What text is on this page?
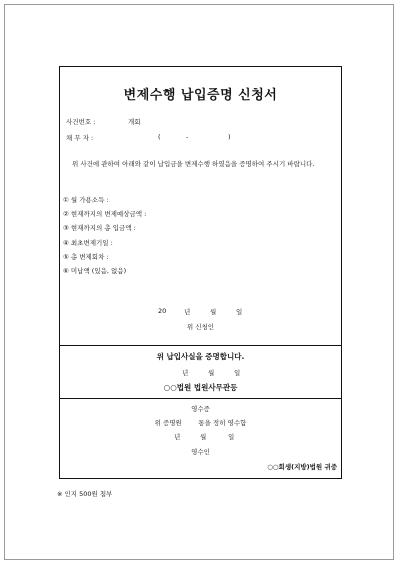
변제수행 납입증명 신청서
사건번호 :	개회
채 무 자 :	(	-	)
위 사건에 관하여 아래와 같이 납입금을 변제수행 하였음을 증명하여 주시기 바랍니다.
① 월 가용소득 :
② 현재까지의 변제예상금액 :
③ 현재까지의 총 입금액 :
④ 최초변제기일 :
⑤ 총 변제회차 :
⑥ 미납액 (있음, 없음)
20	년	월	일
위 신청인
위 납입사실을 증명합니다.
년	월	일
○○법원 법원사무관등
영수증
위 증명원        통을 정히 영수함
년	월	일
영수인
○○회생(지방)법원 귀중
※ 인지 500원 첨부
